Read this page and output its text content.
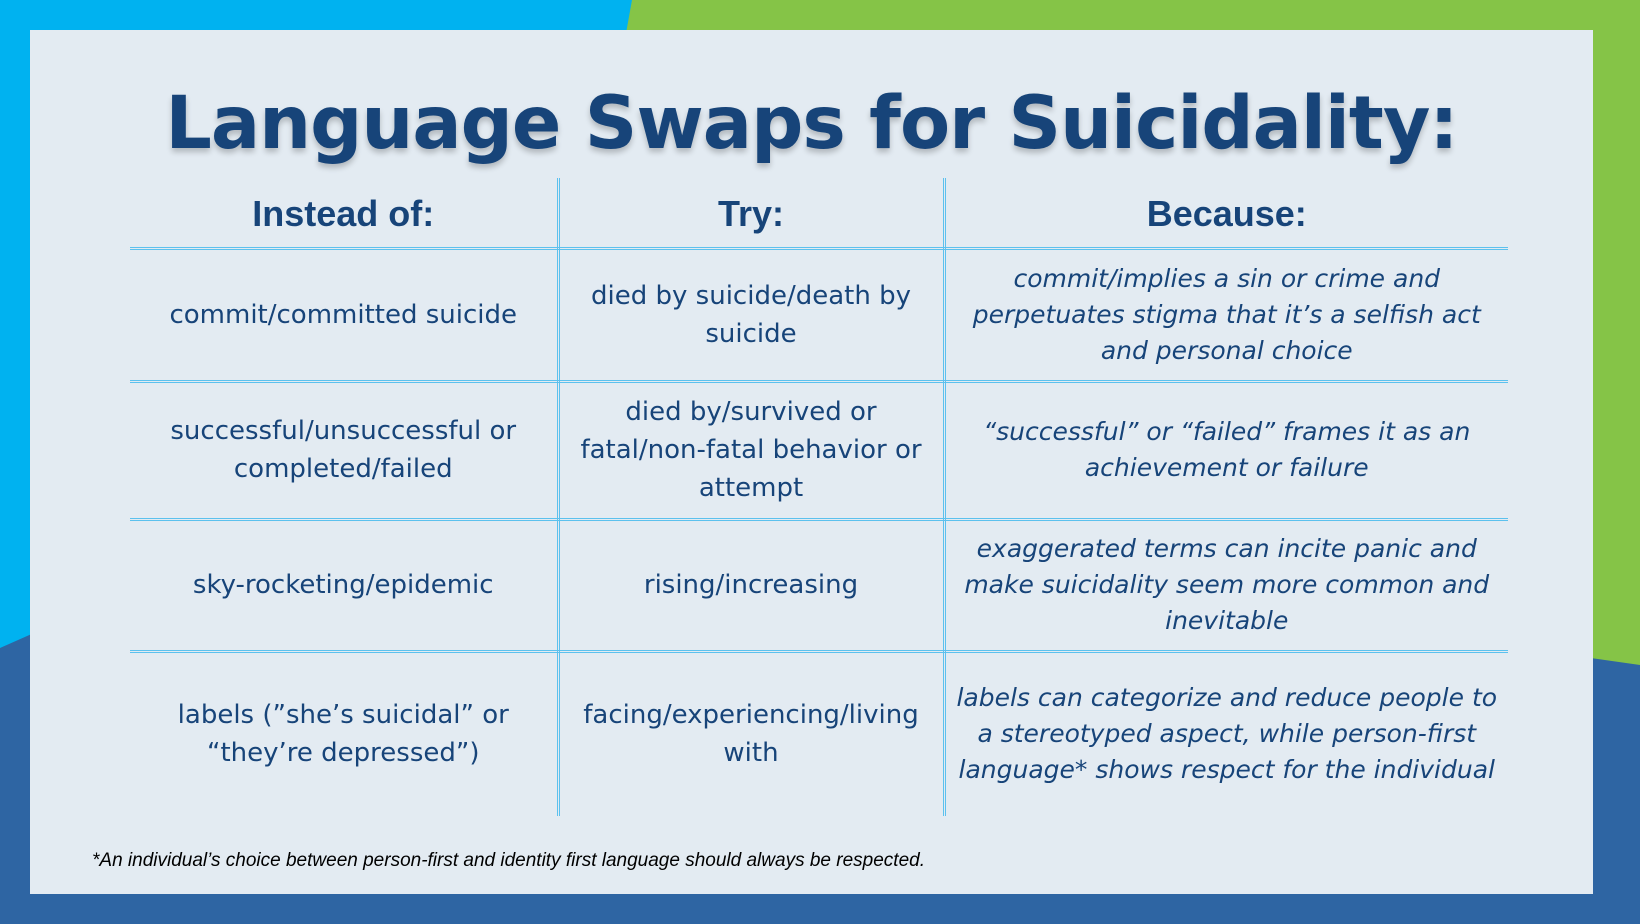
Language Swaps for Suicidality:
Instead of:	Try:	Because:
commit/committed suicide	died by suicide/death by suicide	commit/implies a sin or crime and perpetuates stigma that it’s a selfish act and personal choice
successful/unsuccessful or completed/failed	died by/survived or fatal/non-fatal behavior or attempt	“successful” or “failed” frames it as an achievement or failure
sky-rocketing/epidemic	rising/increasing	exaggerated terms can incite panic and make suicidality seem more common and inevitable
labels (”she’s suicidal” or “they’re depressed”)	facing/experiencing/living with	labels can categorize and reduce people to a stereotyped aspect, while person-first language* shows respect for the individual
*An individual’s choice between person-first and identity first language should always be respected.
